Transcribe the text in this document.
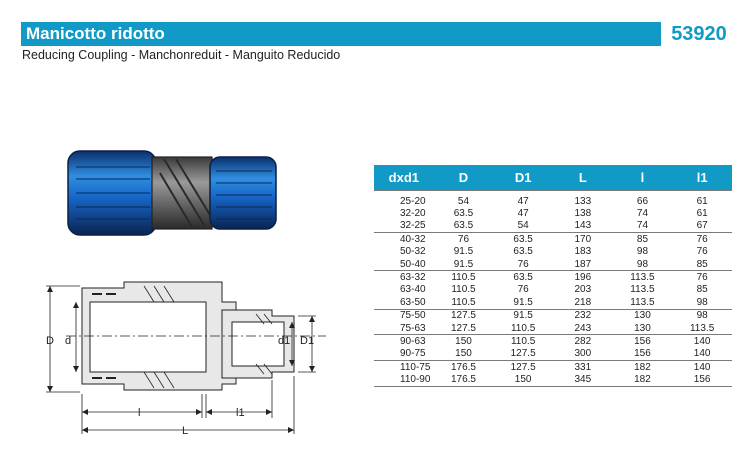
Manicotto ridotto	53920
Reducing Coupling - Manchonreduit - Manguito Reducido
D d	d1 D1
l	l1
L
dxd1	D	D1	L	l	l1
25-20	54	47	133	66	61
32-20	63.5	47	138	74	61
32-25	63.5	54	143	74	67
40-32	76	63.5	170	85	76
50-32	91.5	63.5	183	98	76
50-40	91.5	76	187	98	85
63-32	110.5	63.5	196	113.5	76
63-40	110.5	76	203	113.5	85
63-50	110.5	91.5	218	113.5	98
75-50	127.5	91.5	232	130	98
75-63	127.5	110.5	243	130	113.5
90-63	150	110.5	282	156	140
90-75	150	127.5	300	156	140
110-75	176.5	127.5	331	182	140
110-90	176.5	150	345	182	156
